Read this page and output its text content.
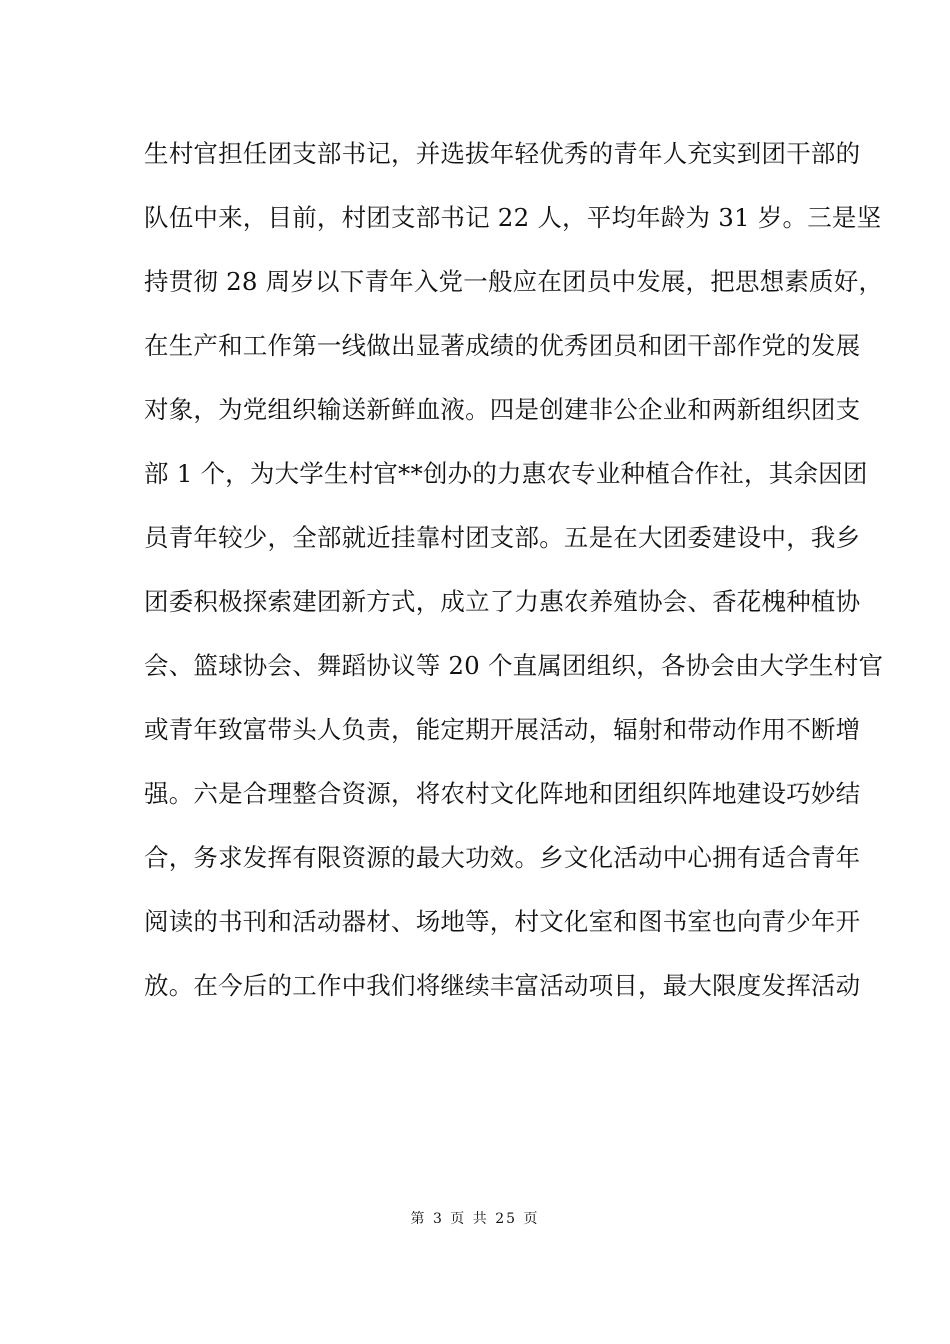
生村官担任团支部书记，并选拔年轻优秀的青年人充实到团干部的
队伍中来，目前，村团支部书记 22 人，平均年龄为 31 岁。三是坚
持贯彻 28 周岁以下青年入党一般应在团员中发展，把思想素质好，
在生产和工作第一线做出显著成绩的优秀团员和团干部作党的发展
对象，为党组织输送新鲜血液。四是创建非公企业和两新组织团支
部 1 个，为大学生村官**创办的力惠农专业种植合作社，其余因团
员青年较少，全部就近挂靠村团支部。五是在大团委建设中，我乡
团委积极探索建团新方式，成立了力惠农养殖协会、香花槐种植协
会、篮球协会、舞蹈协议等 20 个直属团组织，各协会由大学生村官
或青年致富带头人负责，能定期开展活动，辐射和带动作用不断增
强。六是合理整合资源，将农村文化阵地和团组织阵地建设巧妙结
合，务求发挥有限资源的最大功效。乡文化活动中心拥有适合青年
阅读的书刊和活动器材、场地等，村文化室和图书室也向青少年开
放。在今后的工作中我们将继续丰富活动项目，最大限度发挥活动
第 3 页 共 25 页
